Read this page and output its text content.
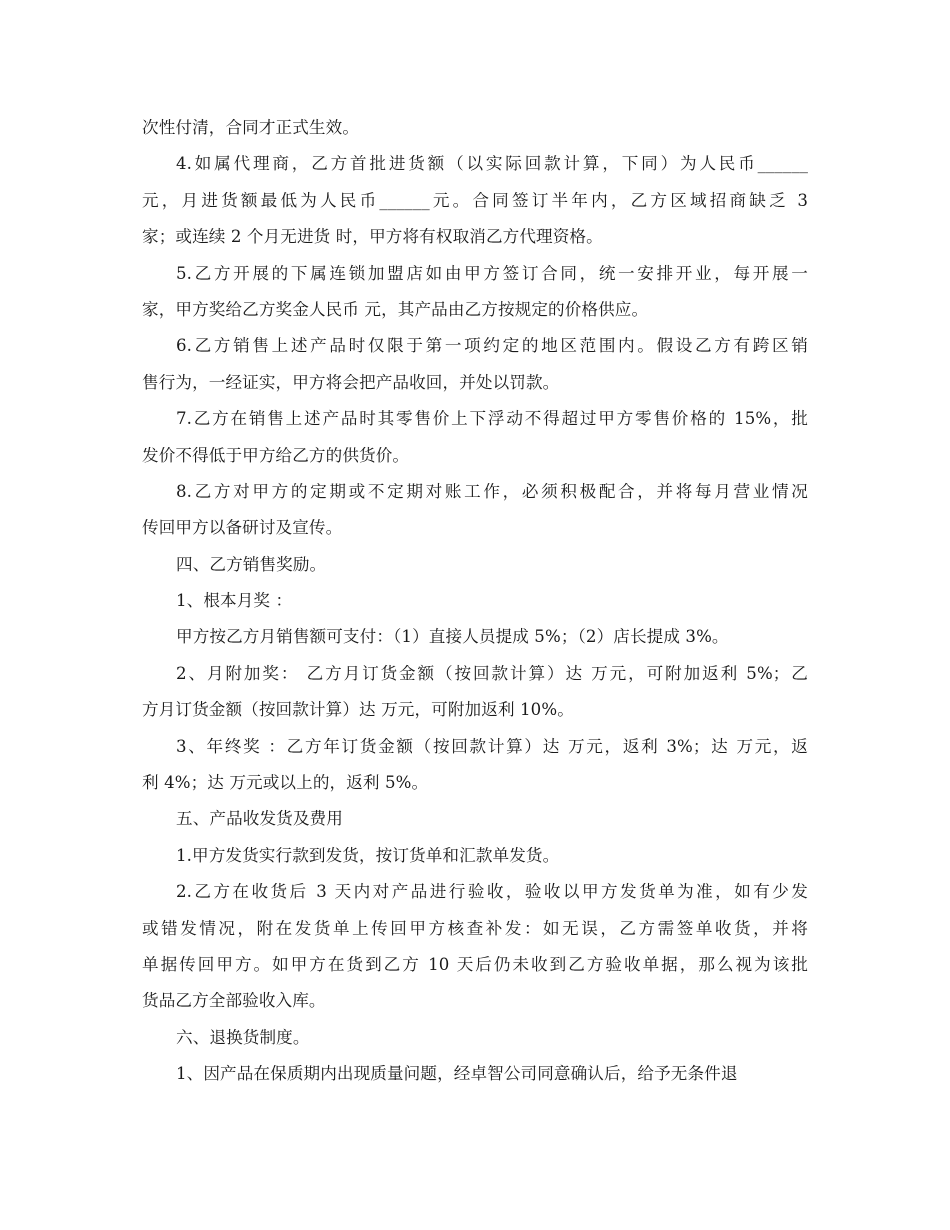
次性付清，合同才正式生效。
4.如属代理商，乙方首批进货额（以实际回款计算，下同）为人民币______
元，月进货额最低为人民币______元。合同签订半年内，乙方区域招商缺乏 3
家；或连续 2 个月无进货 时，甲方将有权取消乙方代理资格。
5.乙方开展的下属连锁加盟店如由甲方签订合同，统一安排开业，每开展一
家，甲方奖给乙方奖金人民币 元，其产品由乙方按规定的价格供应。
6.乙方销售上述产品时仅限于第一项约定的地区范围内。假设乙方有跨区销
售行为，一经证实，甲方将会把产品收回，并处以罚款。
7.乙方在销售上述产品时其零售价上下浮动不得超过甲方零售价格的 15%，批
发价不得低于甲方给乙方的供货价。
8.乙方对甲方的定期或不定期对账工作，必须积极配合，并将每月营业情况
传回甲方以备研讨及宣传。
四、乙方销售奖励。
1、根本月奖 ：
甲方按乙方月销售额可支付：（1）直接人员提成 5%；（2）店长提成 3%。
2、月附加奖： 乙方月订货金额（按回款计算）达 万元，可附加返利 5%；乙
方月订货金额（按回款计算）达 万元，可附加返利 10%。
3、年终奖 ：乙方年订货金额（按回款计算）达 万元，返利 3%；达 万元，返
利 4%；达 万元或以上的，返利 5%。
五、产品收发货及费用
1.甲方发货实行款到发货，按订货单和汇款单发货。
2.乙方在收货后 3 天内对产品进行验收，验收以甲方发货单为准，如有少发
或错发情况，附在发货单上传回甲方核查补发：如无误，乙方需签单收货，并将
单据传回甲方。如甲方在货到乙方 10 天后仍未收到乙方验收单据，那么视为该批
货品乙方全部验收入库。
六、退换货制度。
1、因产品在保质期内出现质量问题，经卓智公司同意确认后，给予无条件退
